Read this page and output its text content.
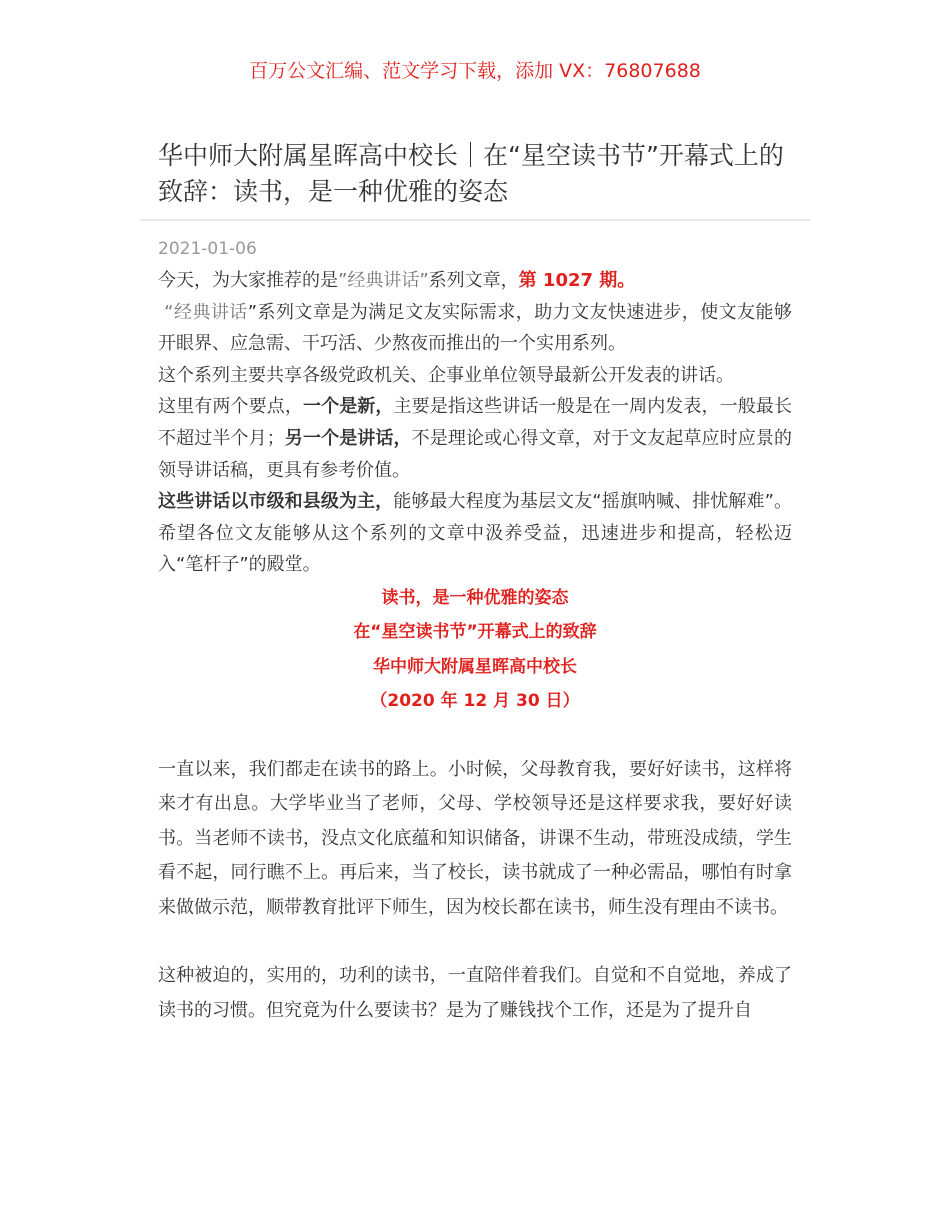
百万公文汇编、范文学习下载，添加 VX：76807688
华中师大附属星晖高中校长｜在“星空读书节”开幕式上的致辞：读书，是一种优雅的姿态
2021-01-06

今天，为大家推荐的是”经典讲话”系列文章，第 1027 期。

“经典讲话”系列文章是为满足文友实际需求，助力文友快速进步，使文友能够开眼界、应急需、干巧活、少熬夜而推出的一个实用系列。

这个系列主要共享各级党政机关、企事业单位领导最新公开发表的讲话。

这里有两个要点，一个是新，主要是指这些讲话一般是在一周内发表，一般最长不超过半个月；另一个是讲话，不是理论或心得文章，对于文友起草应时应景的领导讲话稿，更具有参考价值。

这些讲话以市级和县级为主，能够最大程度为基层文友“摇旗呐喊、排忧解难”。希望各位文友能够从这个系列的文章中汲养受益，迅速进步和提高，轻松迈入“笔杆子”的殿堂。

读书，是一种优雅的姿态

在“星空读书节”开幕式上的致辞

华中师大附属星晖高中校长

（2020 年 12 月 30 日）

一直以来，我们都走在读书的路上。小时候，父母教育我，要好好读书，这样将来才有出息。大学毕业当了老师，父母、学校领导还是这样要求我，要好好读书。当老师不读书，没点文化底蕴和知识储备，讲课不生动，带班没成绩，学生看不起，同行瞧不上。再后来，当了校长，读书就成了一种必需品，哪怕有时拿来做做示范，顺带教育批评下师生，因为校长都在读书，师生没有理由不读书。

这种被迫的，实用的，功利的读书，一直陪伴着我们。自觉和不自觉地，养成了读书的习惯。但究竟为什么要读书？是为了赚钱找个工作，还是为了提升自
